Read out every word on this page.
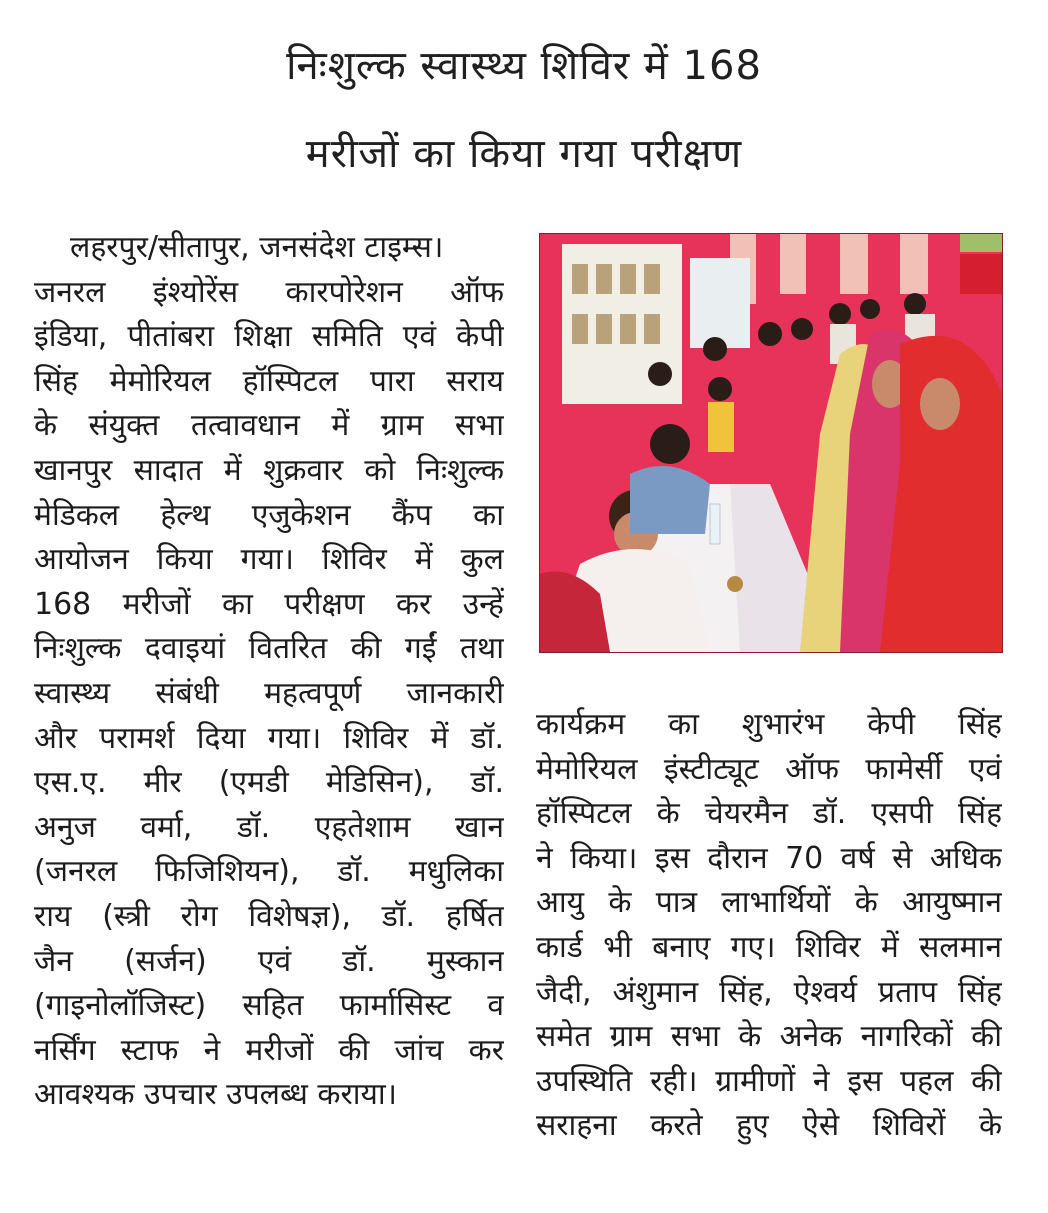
निःशुल्क स्वास्थ्य शिविर में 168
मरीजों का किया गया परीक्षण
लहरपुर/सीतापुर, जनसंदेश टाइम्स।
जनरल इंश्योरेंस कारपोरेशन ऑफ
इंडिया, पीतांबरा शिक्षा समिति एवं केपी
सिंह मेमोरियल हॉस्पिटल पारा सराय
के संयुक्त तत्वावधान में ग्राम सभा
खानपुर सादात में शुक्रवार को निःशुल्क
मेडिकल हेल्थ एजुकेशन कैंप का
आयोजन किया गया। शिविर में कुल
168 मरीजों का परीक्षण कर उन्हें
निःशुल्क दवाइयां वितरित की गईं तथा
स्वास्थ्य संबंधी महत्वपूर्ण जानकारी
और परामर्श दिया गया। शिविर में डॉ.
एस.ए. मीर (एमडी मेडिसिन), डॉ.
अनुज वर्मा, डॉ. एहतेशाम खान
(जनरल फिजिशियन), डॉ. मधुलिका
राय (स्त्री रोग विशेषज्ञ), डॉ. हर्षित
जैन (सर्जन) एवं डॉ. मुस्कान
(गाइनोलॉजिस्ट) सहित फार्मासिस्ट व
नर्सिंग स्टाफ ने मरीजों की जांच कर
आवश्यक उपचार उपलब्ध कराया।
कार्यक्रम का शुभारंभ केपी सिंह
मेमोरियल इंस्टीट्यूट ऑफ फामेर्सी एवं
हॉस्पिटल के चेयरमैन डॉ. एसपी सिंह
ने किया। इस दौरान 70 वर्ष से अधिक
आयु के पात्र लाभार्थियों के आयुष्मान
कार्ड भी बनाए गए। शिविर में सलमान
जैदी, अंशुमान सिंह, ऐश्वर्य प्रताप सिंह
समेत ग्राम सभा के अनेक नागरिकों की
उपस्थिति रही। ग्रामीणों ने इस पहल की
सराहना करते हुए ऐसे शिविरों के
